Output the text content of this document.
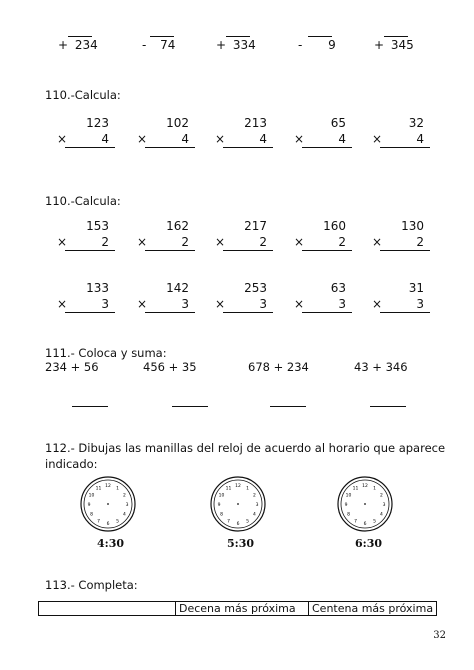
+ 234	- 74	+ 334	- 9	+ 345
110.-Calcula:
123
×	4
102
×	4
213
×	4
65
×	4
32
×	4
110.-Calcula:
153
×	2
162
×	2
217
×	2
160
×	2
130
×	2
133
×	3
142
×	3
253
×	3
63
×	3
31
×	3
111.- Coloca y suma:
234 + 56	456 + 35	678 + 234	43 + 346
112.- Dibujas las manillas del reloj de acuerdo al horario que aparece
indicado:
1
2
3
4
5
6
7
8
9
10
11
12
4:30
1
2
3
4
5
6
7
8
9
10
11
12
5:30
1
2
3
4
5
6
7
8
9
10
11
12
6:30
113.- Completa:
	Decena más próxima	Centena más próxima
32
